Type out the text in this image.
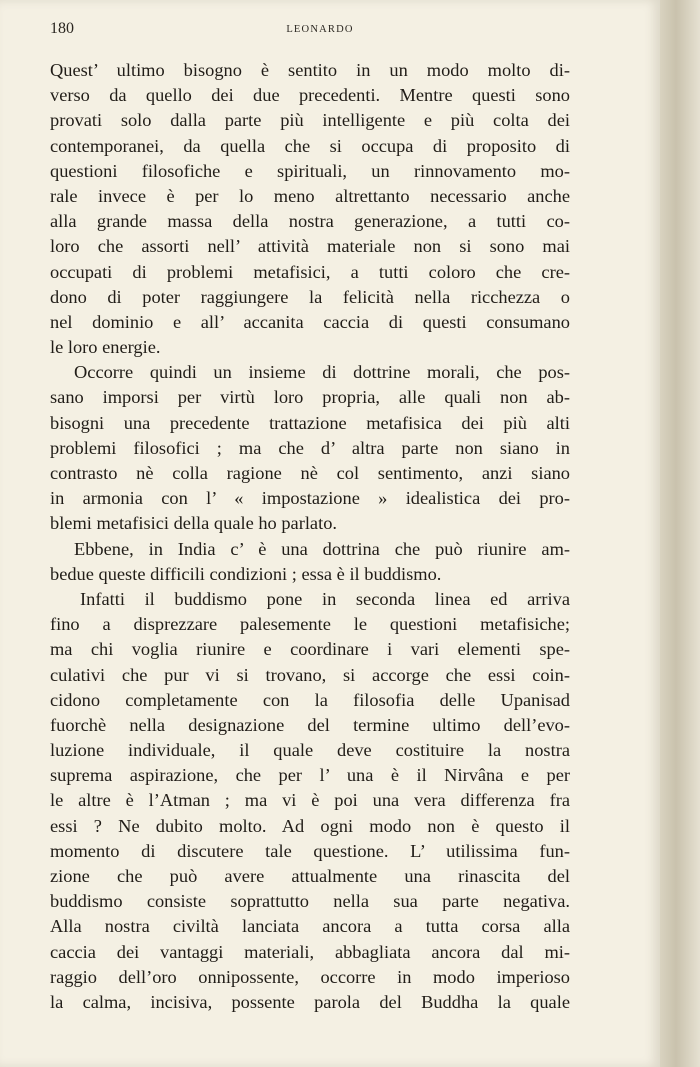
180	LEONARDO
Quest’ ultimo bisogno è sentito in un modo molto di-
verso da quello dei due precedenti. Mentre questi sono
provati solo dalla parte più intelligente e più colta dei
contemporanei, da quella che si occupa di proposito di
questioni filosofiche e spirituali, un rinnovamento mo-
rale invece è per lo meno altrettanto necessario anche
alla grande massa della nostra generazione, a tutti co-
loro che assorti nell’ attività materiale non si sono mai
occupati di problemi metafisici, a tutti coloro che cre-
dono di poter raggiungere la felicità nella ricchezza o
nel dominio e all’ accanita caccia di questi consumano
le loro energie.
Occorre quindi un insieme di dottrine morali, che pos-
sano imporsi per virtù loro propria, alle quali non ab-
bisogni una precedente trattazione metafisica dei più alti
problemi filosofici ; ma che d’ altra parte non siano in
contrasto nè colla ragione nè col sentimento, anzi siano
in armonia con l’ « impostazione » idealistica dei pro-
blemi metafisici della quale ho parlato.
Ebbene, in India c’ è una dottrina che può riunire am-
bedue queste difficili condizioni ; essa è il buddismo.
Infatti il buddismo pone in seconda linea ed arriva
fino a disprezzare palesemente le questioni metafisiche;
ma chi voglia riunire e coordinare i vari elementi spe-
culativi che pur vi si trovano, si accorge che essi coin-
cidono completamente con la filosofia delle Upanisad
fuorchè nella designazione del termine ultimo dell’evo-
luzione individuale, il quale deve costituire la nostra
suprema aspirazione, che per l’ una è il Nirvâna e per
le altre è l’Atman ; ma vi è poi una vera differenza fra
essi ? Ne dubito molto. Ad ogni modo non è questo il
momento di discutere tale questione. L’ utilissima fun-
zione che può avere attualmente una rinascita del
buddismo consiste soprattutto nella sua parte negativa.
Alla nostra civiltà lanciata ancora a tutta corsa alla
caccia dei vantaggi materiali, abbagliata ancora dal mi-
raggio dell’oro onnipossente, occorre in modo imperioso
la calma, incisiva, possente parola del Buddha la quale
